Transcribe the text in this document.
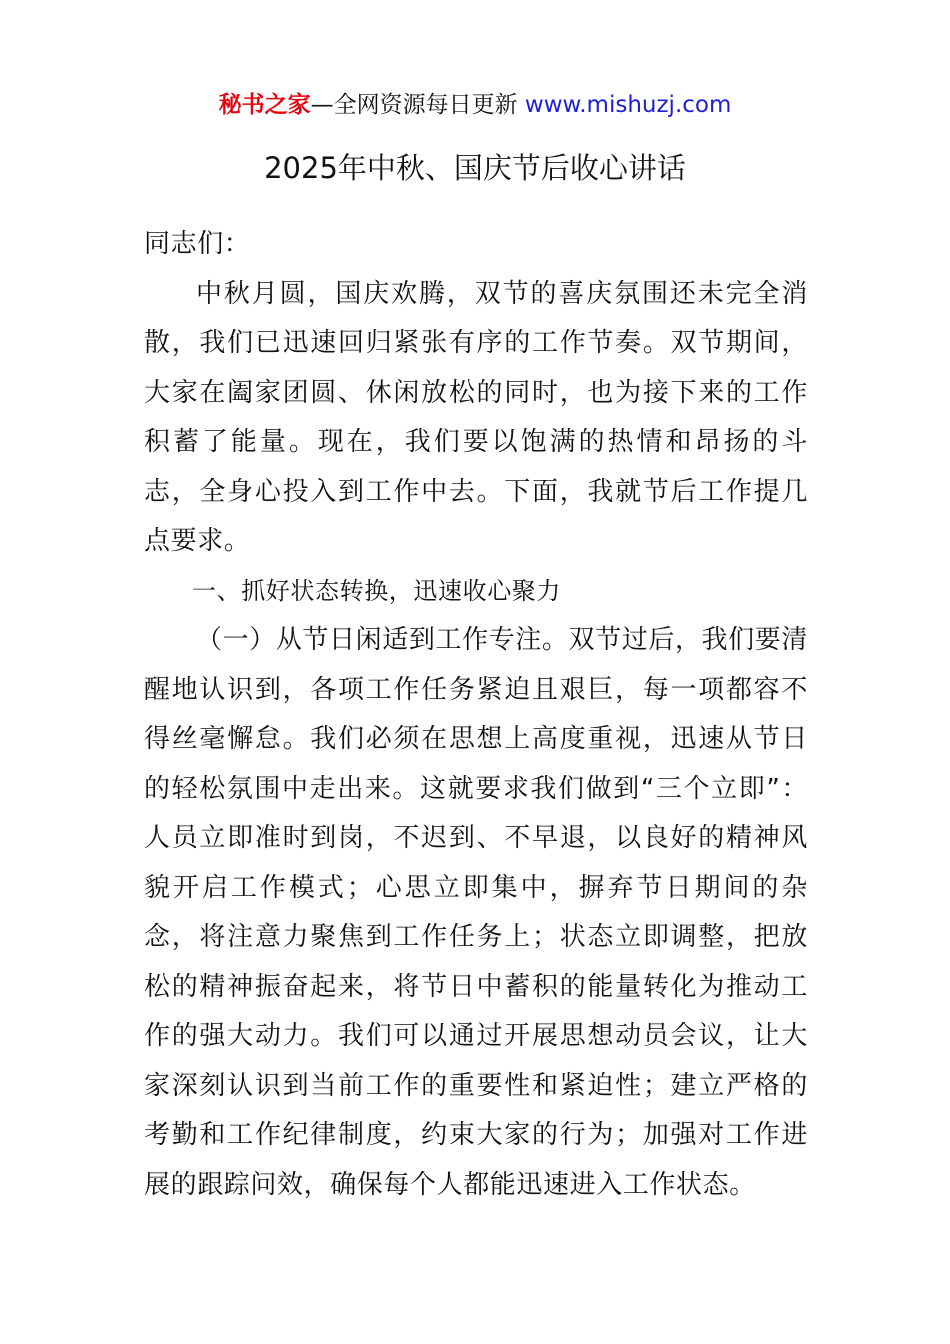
秘书之家—全网资源每日更新 www.mishuzj.com
2025年中秋、国庆节后收心讲话

同志们：

中秋月圆，国庆欢腾，双节的喜庆氛围还未完全消散，我们已迅速回归紧张有序的工作节奏。双节期间，大家在阖家团圆、休闲放松的同时，也为接下来的工作积蓄了能量。现在，我们要以饱满的热情和昂扬的斗志，全身心投入到工作中去。下面，我就节后工作提几点要求。

一、抓好状态转换，迅速收心聚力

（一）从节日闲适到工作专注。双节过后，我们要清醒地认识到，各项工作任务紧迫且艰巨，每一项都容不得丝毫懈怠。我们必须在思想上高度重视，迅速从节日的轻松氛围中走出来。这就要求我们做到“三个立即”：人员立即准时到岗，不迟到、不早退，以良好的精神风貌开启工作模式；心思立即集中，摒弃节日期间的杂念，将注意力聚焦到工作任务上；状态立即调整，把放松的精神振奋起来，将节日中蓄积的能量转化为推动工作的强大动力。我们可以通过开展思想动员会议，让大家深刻认识到当前工作的重要性和紧迫性；建立严格的考勤和工作纪律制度，约束大家的行为；加强对工作进展的跟踪问效，确保每个人都能迅速进入工作状态。
